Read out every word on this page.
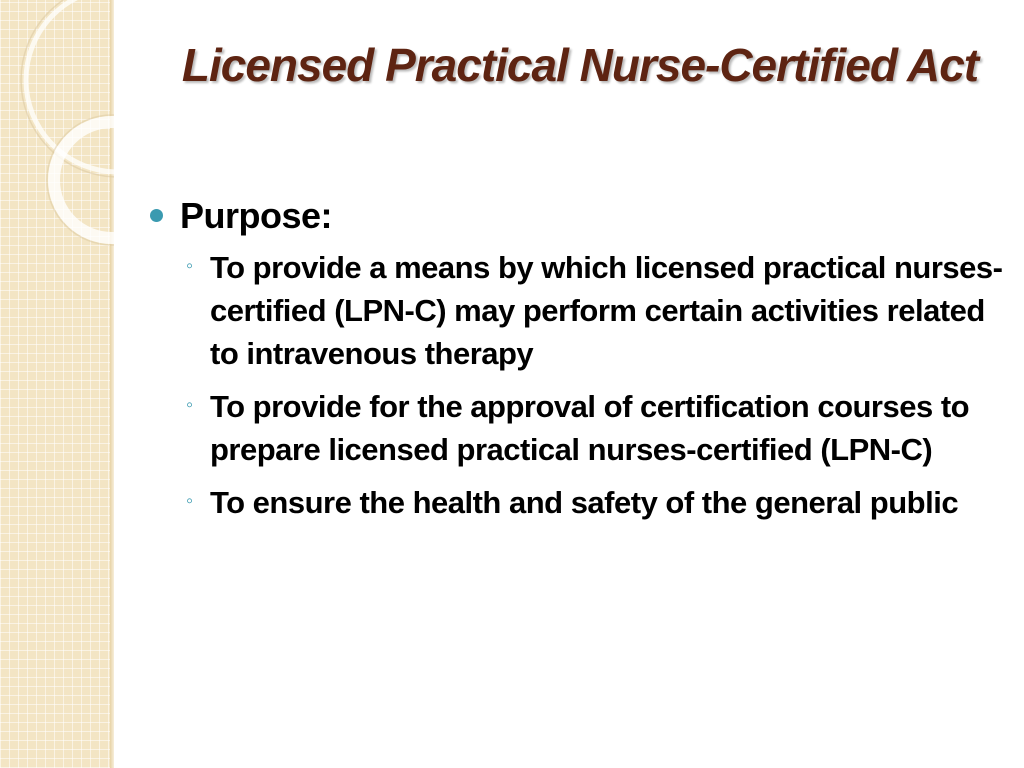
Licensed Practical Nurse-Certified Act
Purpose:
◦ To provide a means by which licensed practical nurses-certified (LPN-C) may perform certain activities related to intravenous therapy
◦ To provide for the approval of certification courses to prepare licensed practical nurses-certified (LPN-C)
◦ To ensure the health and safety of the general public
